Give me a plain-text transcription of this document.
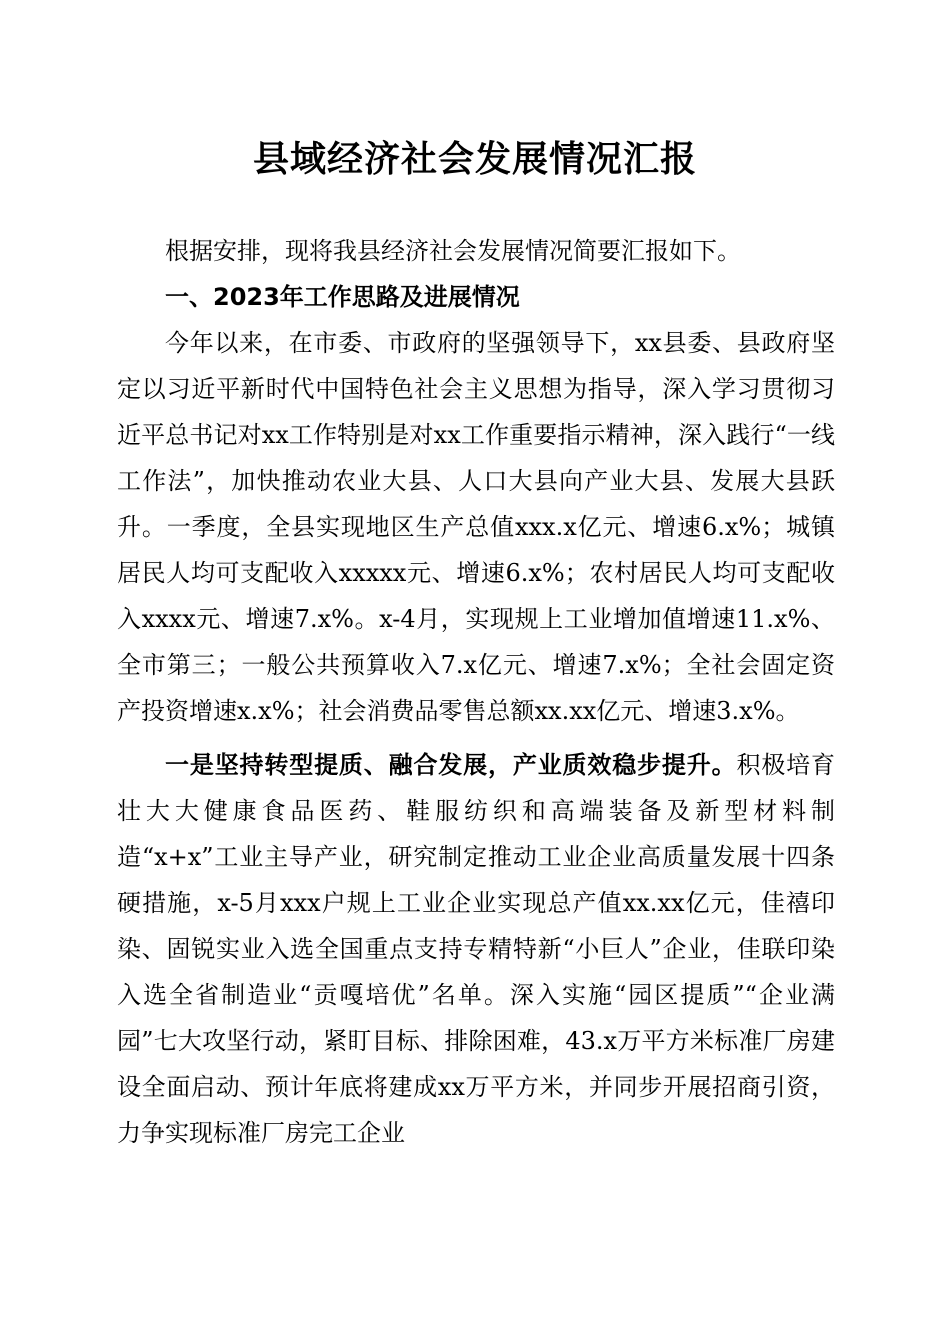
县域经济社会发展情况汇报

根据安排，现将我县经济社会发展情况简要汇报如下。

一、2023年工作思路及进展情况

今年以来，在市委、市政府的坚强领导下，xx县委、县政府坚定以习近平新时代中国特色社会主义思想为指导，深入学习贯彻习近平总书记对xx工作特别是对xx工作重要指示精神，深入践行“一线工作法”，加快推动农业大县、人口大县向产业大县、发展大县跃升。一季度，全县实现地区生产总值xxx.x亿元、增速6.x%；城镇居民人均可支配收入xxxxx元、增速6.x%；农村居民人均可支配收入xxxx元、增速7.x%。x-4月，实现规上工业增加值增速11.x%、全市第三；一般公共预算收入7.x亿元、增速7.x%；全社会固定资产投资增速x.x%；社会消费品零售总额xx.xx亿元、增速3.x%。

一是坚持转型提质、融合发展，产业质效稳步提升。积极培育壮大大健康食品医药、鞋服纺织和高端装备及新型材料制造“x+x”工业主导产业，研究制定推动工业企业高质量发展十四条硬措施，x-5月xxx户规上工业企业实现总产值xx.xx亿元，佳禧印染、固锐实业入选全国重点支持专精特新“小巨人”企业，佳联印染入选全省制造业“贡嘎培优”名单。深入实施“园区提质”“企业满园”七大攻坚行动，紧盯目标、排除困难，43.x万平方米标准厂房建设全面启动、预计年底将建成xx万平方米，并同步开展招商引资，力争实现标准厂房完工企业
